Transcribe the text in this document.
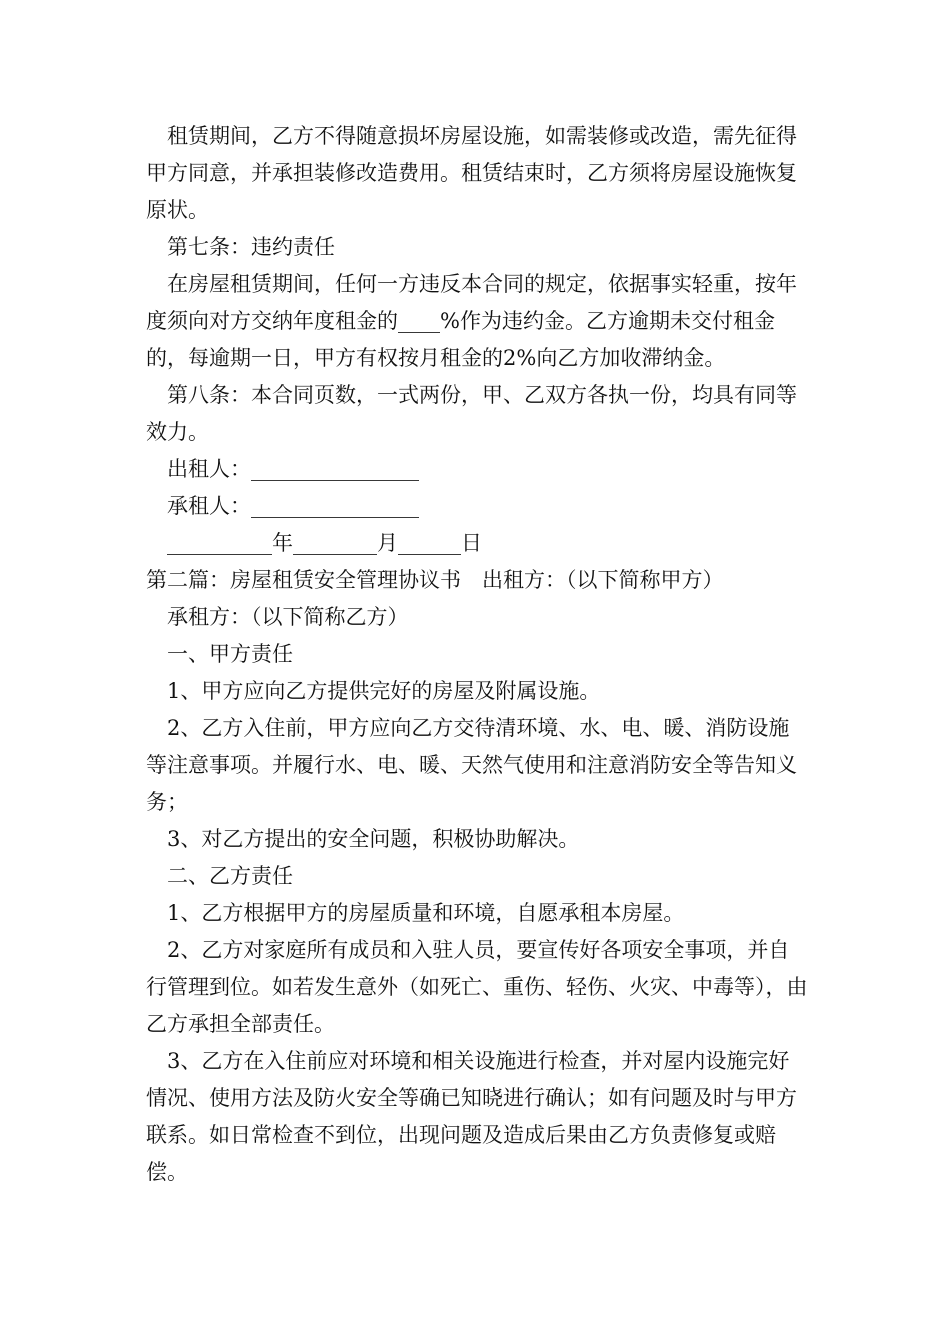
租赁期间，乙方不得随意损坏房屋设施，如需装修或改造，需先征得甲方同意，并承担装修改造费用。租赁结束时，乙方须将房屋设施恢复原状。

第七条：违约责任

在房屋租赁期间，任何一方违反本合同的规定，依据事实轻重，按年度须向对方交纳年度租金的____%作为违约金。乙方逾期未交付租金的，每逾期一日，甲方有权按月租金的2%向乙方加收滞纳金。

第八条：本合同页数，一式两份，甲、乙双方各执一份，均具有同等效力。

出租人：________________

承租人：________________

__________年________月______日

第二篇：房屋租赁安全管理协议书　出租方：（以下简称甲方）

承租方：（以下简称乙方）

一、甲方责任

1、甲方应向乙方提供完好的房屋及附属设施。

2、乙方入住前，甲方应向乙方交待清环境、水、电、暖、消防设施等注意事项。并履行水、电、暖、天然气使用和注意消防安全等告知义务；

3、对乙方提出的安全问题，积极协助解决。

二、乙方责任

1、乙方根据甲方的房屋质量和环境，自愿承租本房屋。

2、乙方对家庭所有成员和入驻人员，要宣传好各项安全事项，并自行管理到位。如若发生意外（如死亡、重伤、轻伤、火灾、中毒等），由乙方承担全部责任。

3、乙方在入住前应对环境和相关设施进行检查，并对屋内设施完好情况、使用方法及防火安全等确已知晓进行确认；如有问题及时与甲方联系。如日常检查不到位，出现问题及造成后果由乙方负责修复或赔偿。
